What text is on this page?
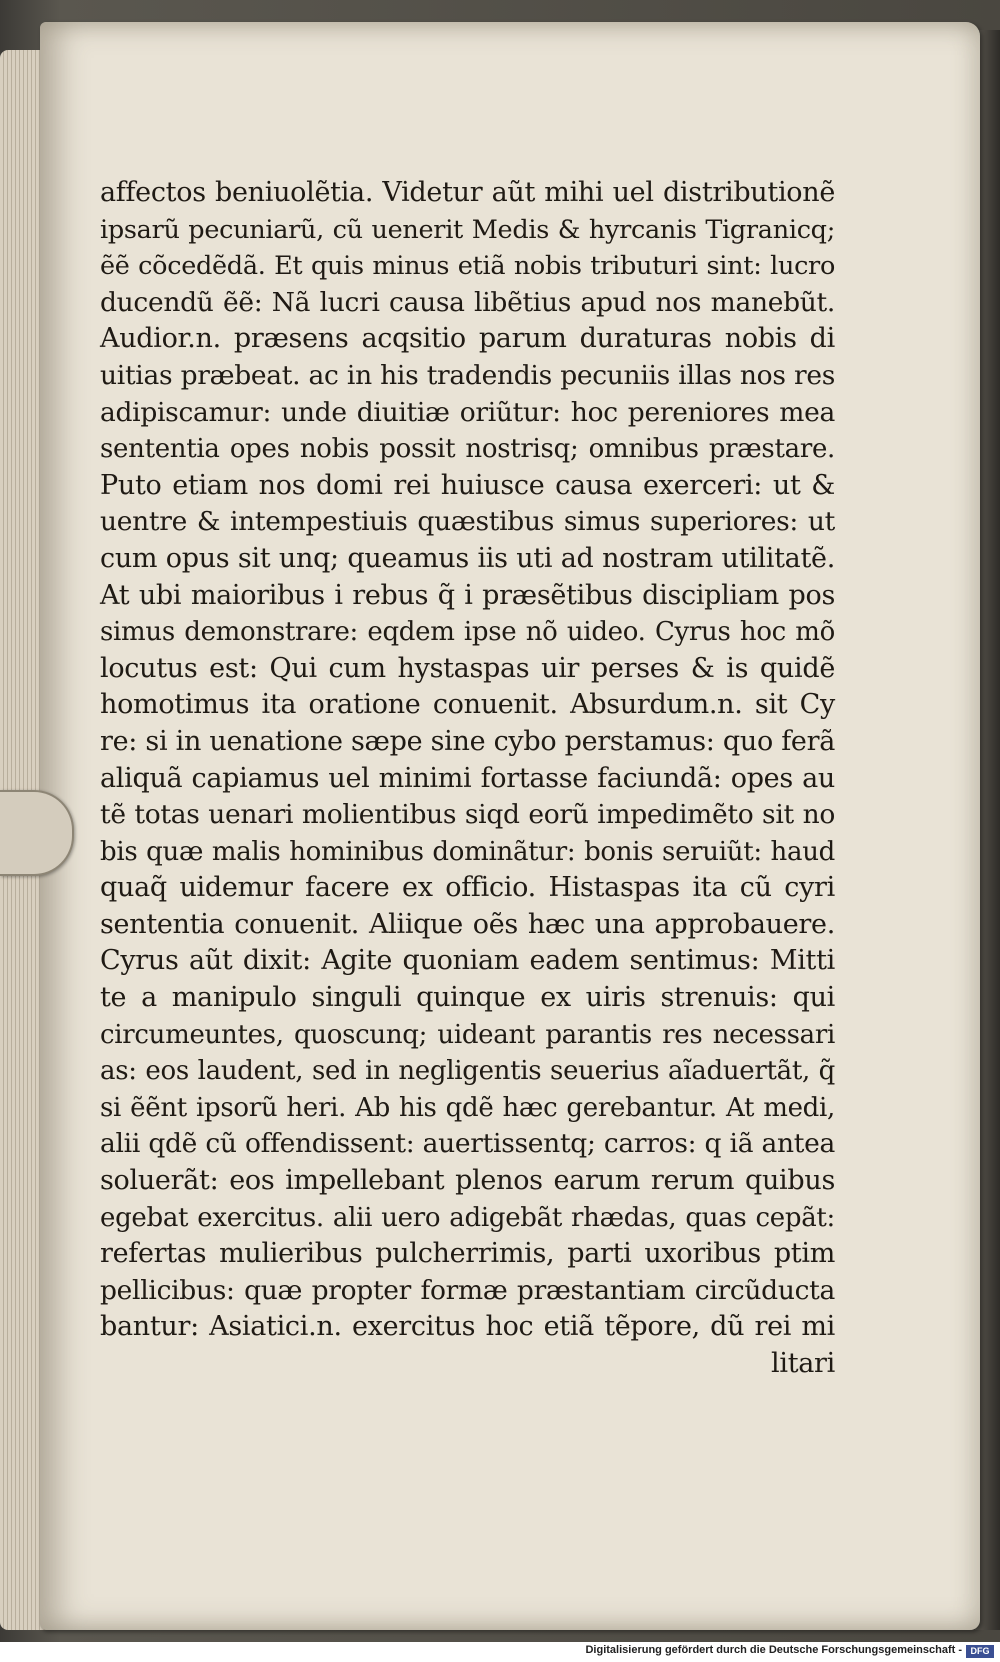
affectos beniuolẽtia. Videtur aũt mihi uel distributionẽ
ipsarũ pecuniarũ, cũ uenerit Medis & hyrcanis Tigranicq;
ẽẽ cõcedẽdã. Et quis minus etiã nobis tributuri sint: lucro
ducendũ ẽẽ: Nã lucri causa libẽtius apud nos manebũt.
Audior.n. præsens acqsitio parum duraturas nobis di
uitias præbeat. ac in his tradendis pecuniis illas nos res
adipiscamur: unde diuitiæ oriũtur: hoc pereniores mea
sententia opes nobis possit nostrisq; omnibus præstare.
Puto etiam nos domi rei huiusce causa exerceri: ut &
uentre & intempestiuis quæstibus simus superiores: ut
cum opus sit unq; queamus iis uti ad nostram utilitatẽ.
At ubi maioribus i rebus q̃ i præsẽtibus discipliam pos
simus demonstrare: eqdem ipse nõ uideo. Cyrus hoc mõ
locutus est: Qui cum hystaspas uir perses & is quidẽ
homotimus ita oratione conuenit. Absurdum.n. sit Cy
re: si in uenatione sæpe sine cybo perstamus: quo ferã
aliquã capiamus uel minimi fortasse faciundã: opes au
tẽ totas uenari molientibus siqd eorũ impedimẽto sit no
bis quæ malis hominibus dominãtur: bonis seruiũt: haud
quaq̃ uidemur facere ex officio. Histaspas ita cũ cyri
sententia conuenit. Aliique oẽs hæc una approbauere.
Cyrus aũt dixit: Agite quoniam eadem sentimus: Mitti
te a manipulo singuli quinque ex uiris strenuis: qui
circumeuntes, quoscunq; uideant parantis res necessari
as: eos laudent, sed in negligentis seuerius aĩaduertãt, q̃
si ẽẽnt ipsorũ heri. Ab his qdẽ hæc gerebantur. At medi,
alii qdẽ cũ offendissent: auertissentq; carros: q iã antea
soluerãt: eos impellebant plenos earum rerum quibus
egebat exercitus. alii uero adigebãt rhædas, quas cepãt:
refertas mulieribus pulcherrimis, parti uxoribus ptim
pellicibus: quæ propter formæ præstantiam circũducta
bantur: Asiatici.n. exercitus hoc etiã tẽpore, dũ rei mi
litari
Digitalisierung gefördert durch die Deutsche Forschungsgemeinschaft - DFG
